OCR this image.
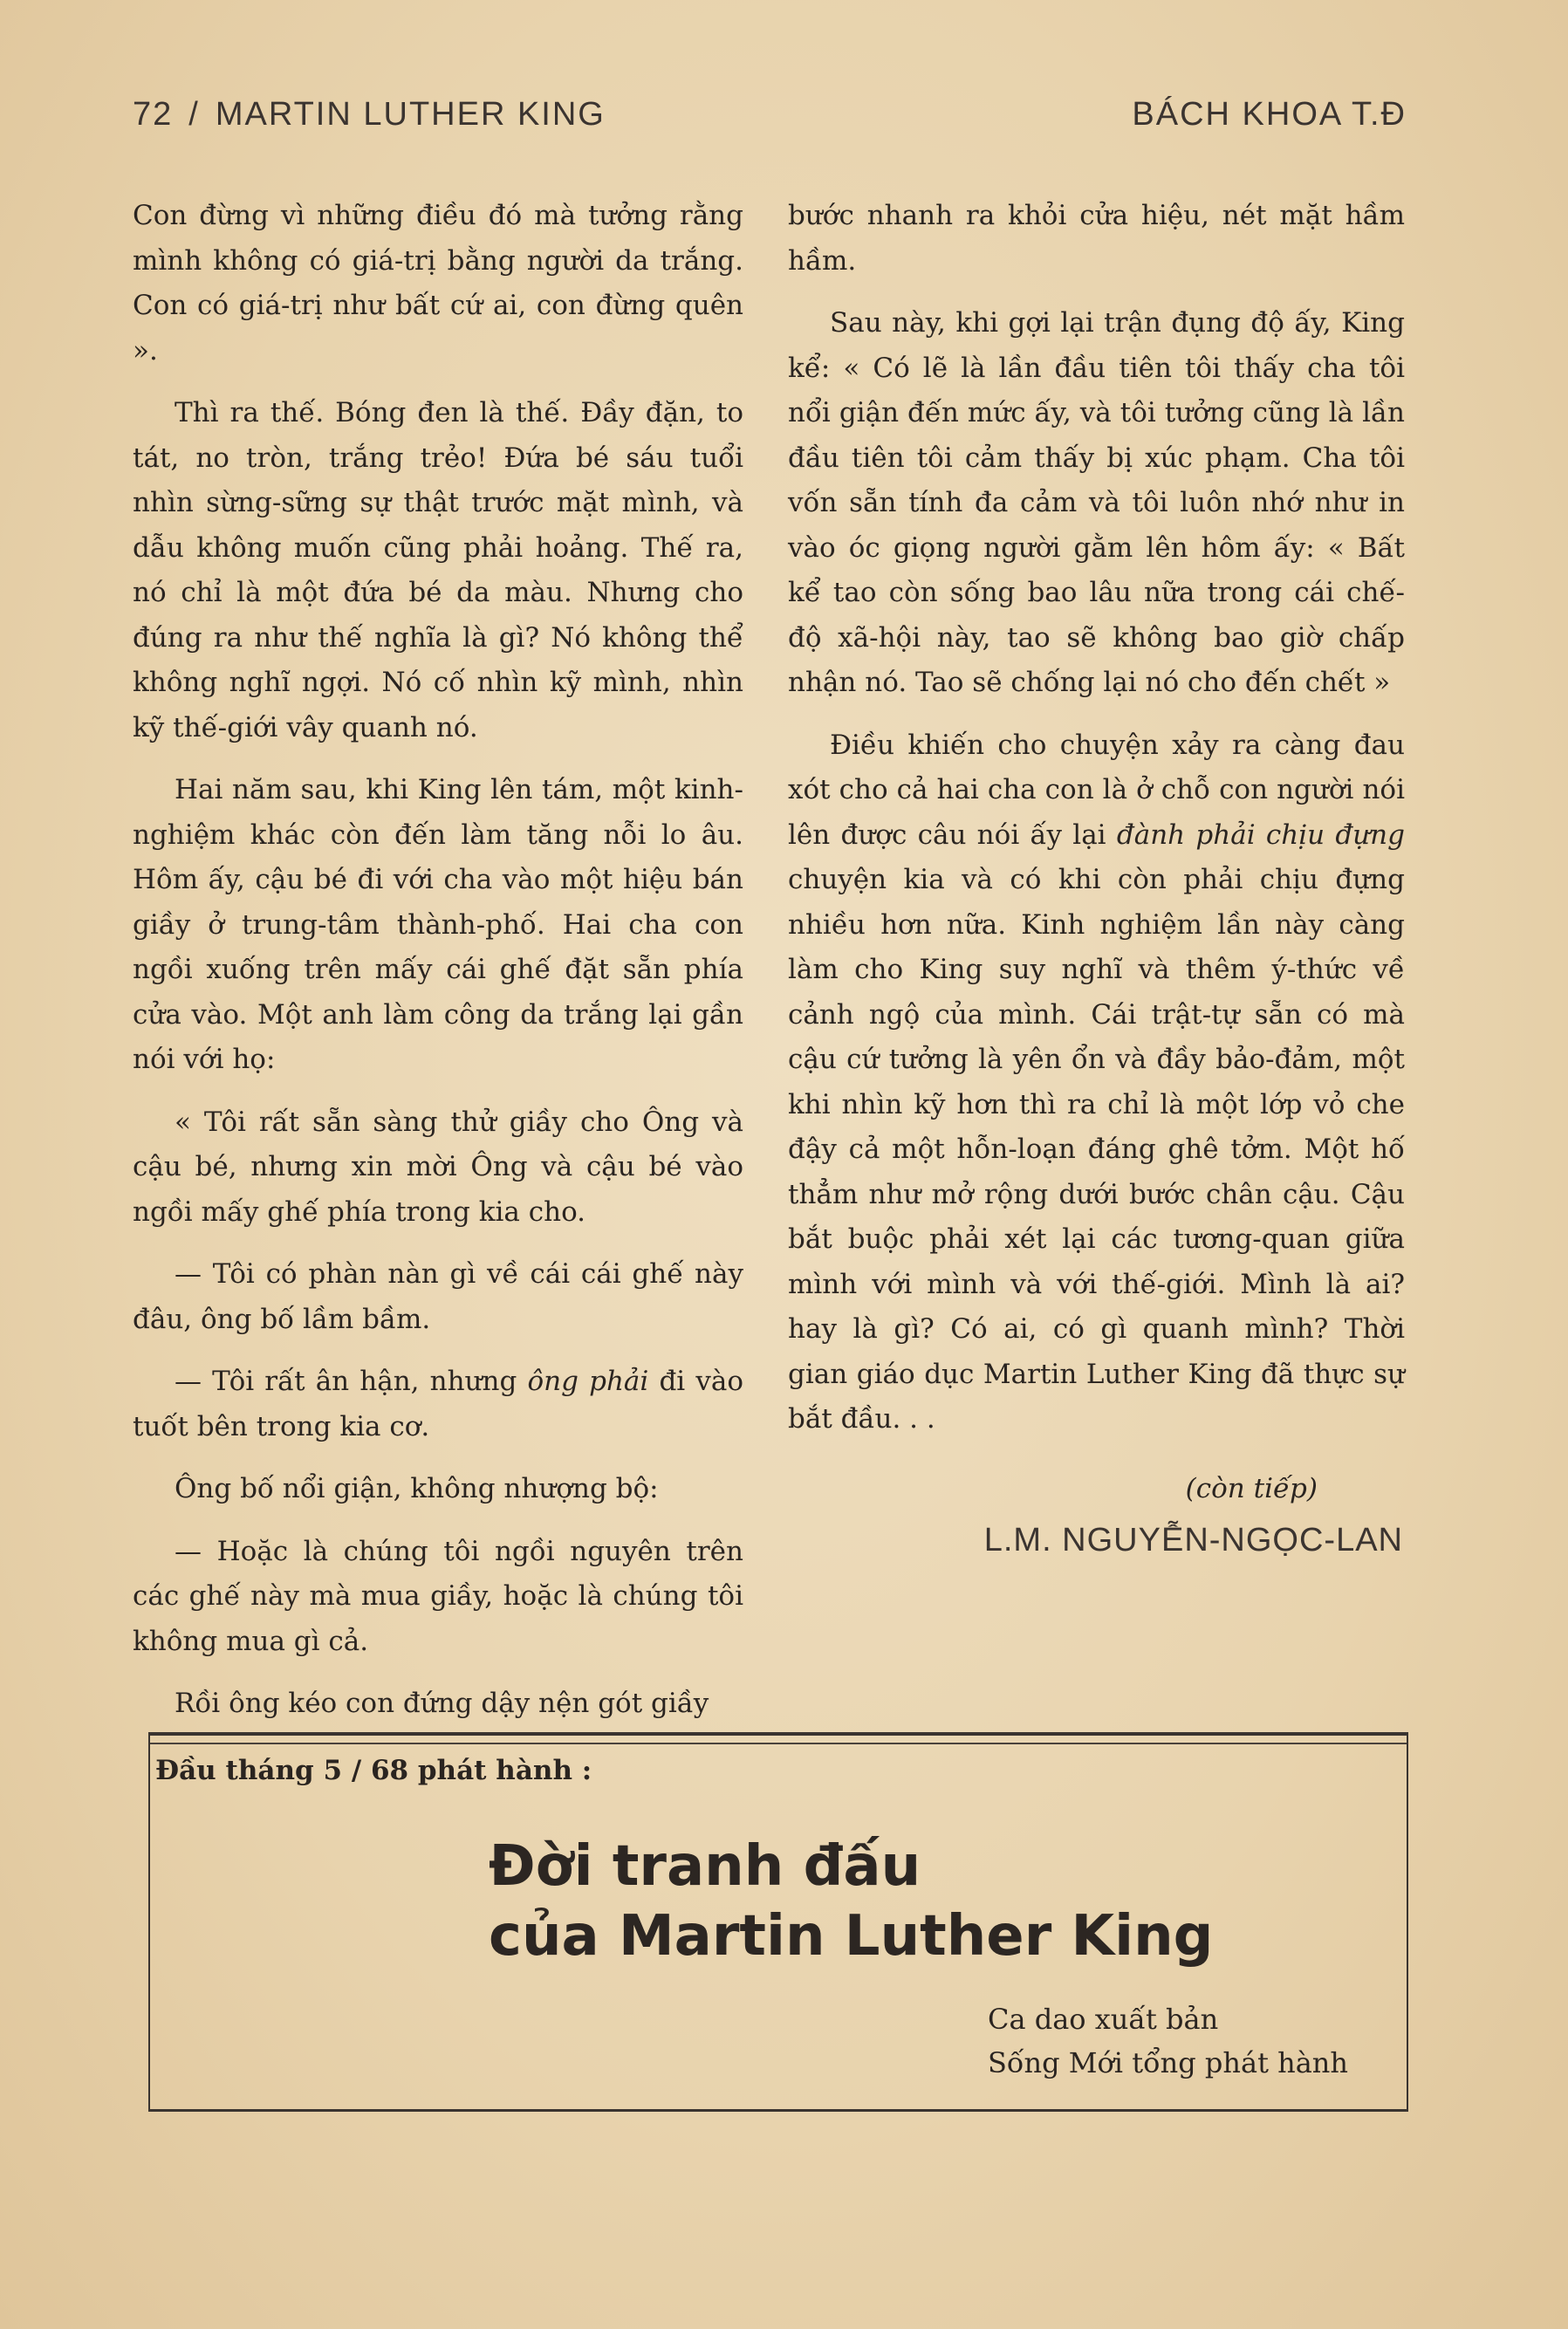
72 / MARTIN LUTHER KING	BÁCH KHOA T.Đ

Con đừng vì những điều đó mà tưởng rằng mình không có giá-trị bằng người da trắng. Con có giá-trị như bất cứ ai, con đừng quên ».

Thì ra thế. Bóng đen là thế. Đầy đặn, to tát, no tròn, trắng trẻo! Đứa bé sáu tuổi nhìn sừng-sững sự thật trước mặt mình, và dẫu không muốn cũng phải hoảng. Thế ra, nó chỉ là một đứa bé da màu. Nhưng cho đúng ra như thế nghĩa là gì? Nó không thể không nghĩ ngợi. Nó cố nhìn kỹ mình, nhìn kỹ thế-giới vây quanh nó.

Hai năm sau, khi King lên tám, một kinh-nghiệm khác còn đến làm tăng nỗi lo âu. Hôm ấy, cậu bé đi với cha vào một hiệu bán giầy ở trung-tâm thành-phố. Hai cha con ngồi xuống trên mấy cái ghế đặt sẵn phía cửa vào. Một anh làm công da trắng lại gần nói với họ:

« Tôi rất sẵn sàng thử giầy cho Ông và cậu bé, nhưng xin mời Ông và cậu bé vào ngồi mấy ghế phía trong kia cho.

— Tôi có phàn nàn gì về cái cái ghế này đâu, ông bố lầm bầm.

— Tôi rất ân hận, nhưng ông phải đi vào tuốt bên trong kia cơ.

Ông bố nổi giận, không nhượng bộ:

— Hoặc là chúng tôi ngồi nguyên trên các ghế này mà mua giầy, hoặc là chúng tôi không mua gì cả.

Rồi ông kéo con đứng dậy nện gót giầy

bước nhanh ra khỏi cửa hiệu, nét mặt hầm hầm.

Sau này, khi gợi lại trận đụng độ ấy, King kể: « Có lẽ là lần đầu tiên tôi thấy cha tôi nổi giận đến mức ấy, và tôi tưởng cũng là lần đầu tiên tôi cảm thấy bị xúc phạm. Cha tôi vốn sẵn tính đa cảm và tôi luôn nhớ như in vào óc giọng người gằm lên hôm ấy: « Bất kể tao còn sống bao lâu nữa trong cái chế-độ xã-hội này, tao sẽ không bao giờ chấp nhận nó. Tao sẽ chống lại nó cho đến chết »

Điều khiến cho chuyện xảy ra càng đau xót cho cả hai cha con là ở chỗ con người nói lên được câu nói ấy lại đành phải chịu đựng chuyện kia và có khi còn phải chịu đựng nhiều hơn nữa. Kinh nghiệm lần này càng làm cho King suy nghĩ và thêm ý-thức về cảnh ngộ của mình. Cái trật-tự sẵn có mà cậu cứ tưởng là yên ổn và đầy bảo-đảm, một khi nhìn kỹ hơn thì ra chỉ là một lớp vỏ che đậy cả một hỗn-loạn đáng ghê tởm. Một hố thẳm như mở rộng dưới bước chân cậu. Cậu bắt buộc phải xét lại các tương-quan giữa mình với mình và với thế-giới. Mình là ai? hay là gì? Có ai, có gì quanh mình? Thời gian giáo dục Martin Luther King đã thực sự bắt đầu. . .

(còn tiếp)
L.M. NGUYỄN-NGỌC-LAN
Đầu tháng 5 / 68 phát hành :
Đời tranh đấu
của Martin Luther King
Ca dao xuất bản
Sống Mới tổng phát hành
